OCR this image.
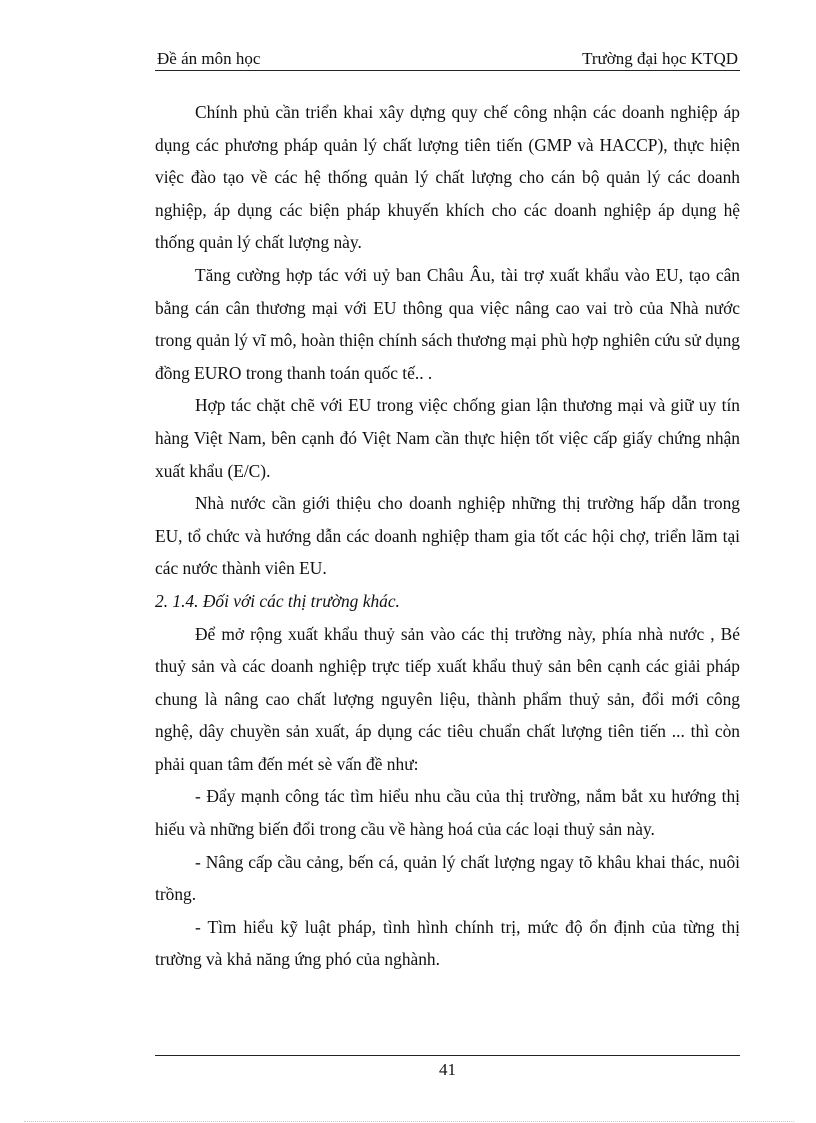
Đề án môn học	Trường đại học KTQD

Chính phủ cần triển khai xây dựng quy chế công nhận các doanh nghiệp áp dụng các phương pháp quản lý chất lượng tiên tiến (GMP và HACCP), thực hiện việc đào tạo về các hệ thống quản lý chất lượng cho cán bộ quản lý các doanh nghiệp, áp dụng các biện pháp khuyến khích cho các doanh nghiệp áp dụng hệ thống quản lý chất lượng này.

Tăng cường hợp tác với uỷ ban Châu Âu, tài trợ xuất khẩu vào EU, tạo cân bằng cán cân thương mại với EU thông qua việc nâng cao vai trò của Nhà nước trong quản lý vĩ mô, hoàn thiện chính sách thương mại phù hợp nghiên cứu sử dụng đồng EURO trong thanh toán quốc tế.. .

Hợp tác chặt chẽ với EU trong việc chống gian lận thương mại và giữ uy tín hàng Việt Nam, bên cạnh đó Việt Nam cần thực hiện tốt việc cấp giấy chứng nhận xuất khẩu (E/C).

Nhà nước cần giới thiệu cho doanh nghiệp những thị trường hấp dẫn trong EU, tổ chức và hướng dẫn các doanh nghiệp tham gia tốt các hội chợ, triển lãm tại các nước thành viên EU.

2. 1.4. Đối với các thị trường khác.

Để mở rộng xuất khẩu thuỷ sản vào các thị trường này, phía nhà nước , Bé thuỷ sản và các doanh nghiệp trực tiếp xuất khẩu thuỷ sản bên cạnh các giải pháp chung là nâng cao chất lượng nguyên liệu, thành phẩm thuỷ sản, đổi mới công nghệ, dây chuyền sản xuất, áp dụng các tiêu chuẩn chất lượng tiên tiến ... thì còn phải quan tâm đến mét sè vấn đề như:

- Đẩy mạnh công tác tìm hiểu nhu cầu của thị trường, nắm bắt xu hướng thị hiếu và những biến đổi trong cầu về hàng hoá của các loại thuỷ sản này.

- Nâng cấp cầu cảng, bến cá, quản lý chất lượng ngay tõ khâu khai thác, nuôi trồng.

- Tìm hiểu kỹ luật pháp, tình hình chính trị, mức độ ổn định của từng thị trường và khả năng ứng phó của nghành.

41
